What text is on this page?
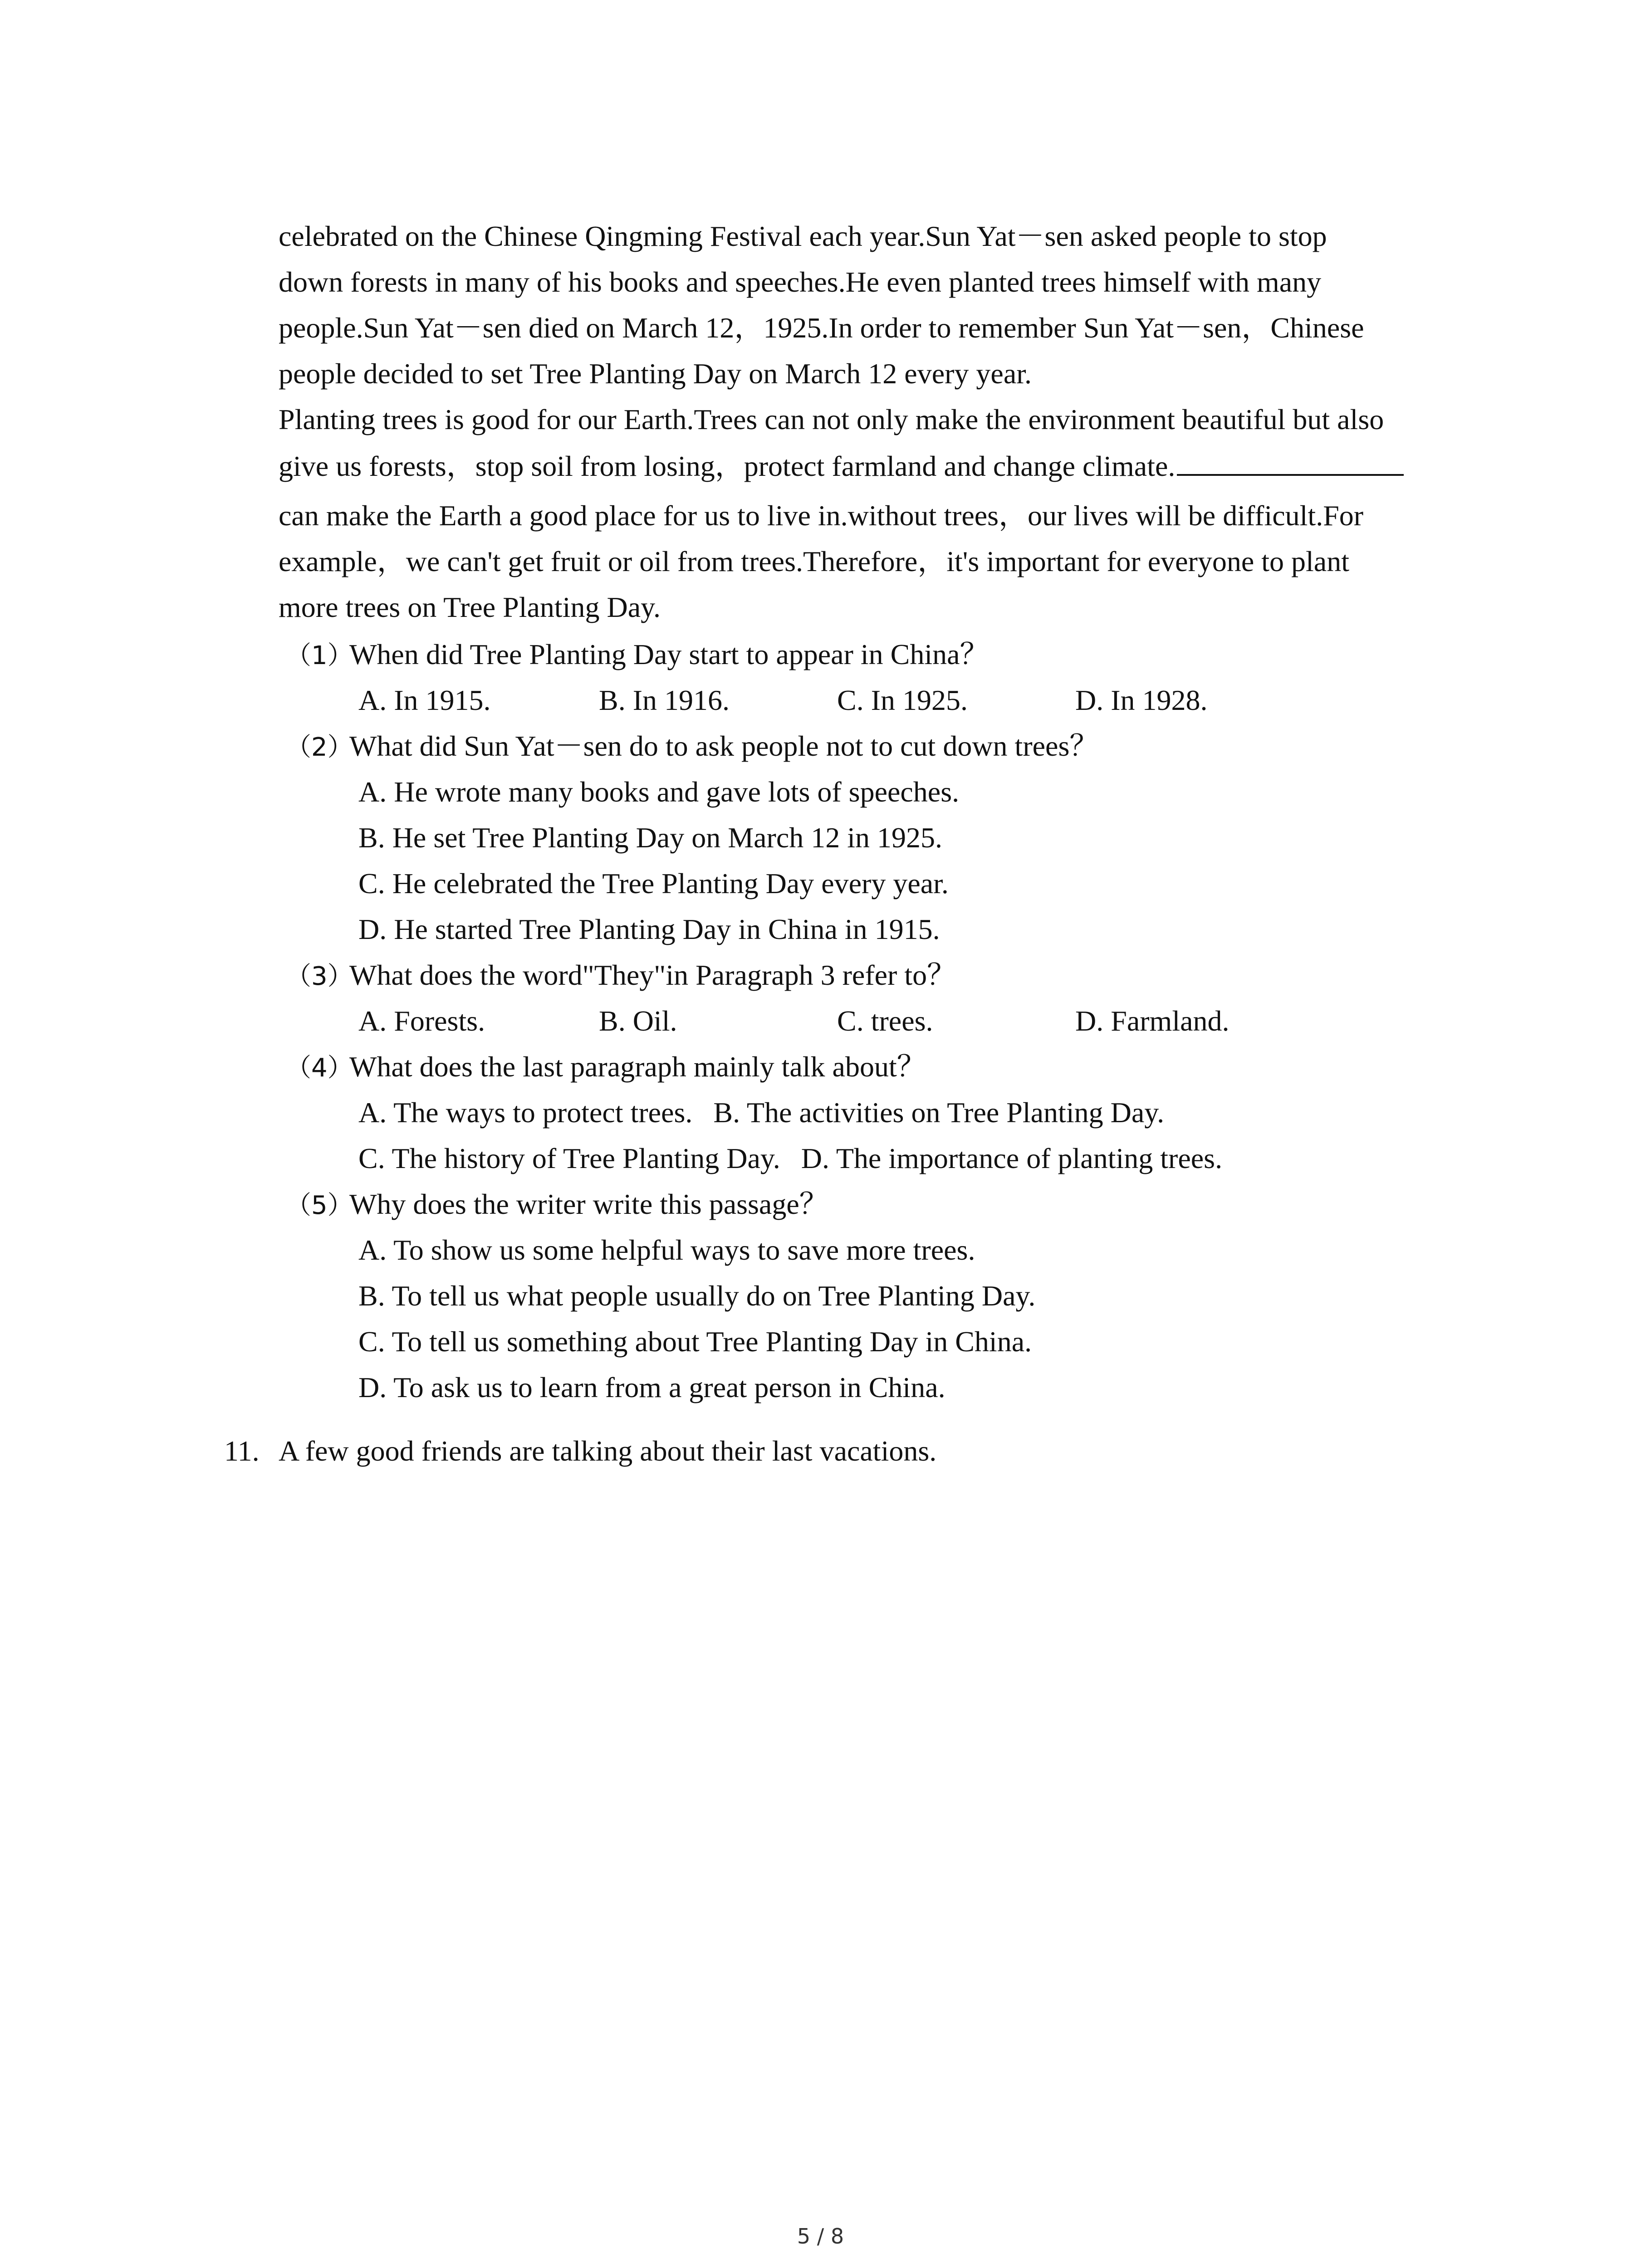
celebrated on the Chinese Qingming Festival each year.Sun Yat－sen asked people to stop
down forests in many of his books and speeches.He even planted trees himself with many
people.Sun Yat－sen died on March 12，1925.In order to remember Sun Yat－sen，Chinese
people decided to set Tree Planting Day on March 12 every year.
Planting trees is good for our Earth.Trees can not only make the environment beautiful but also
give us forests，stop soil from losing，protect farmland and change climate.
can make the Earth a good place for us to live in.without trees，our lives will be difficult.For
example，we can't get fruit or oil from trees.Therefore，it's important for everyone to plant
more trees on Tree Planting Day.
（1）When did Tree Planting Day start to appear in China？
A. In 1915.	B. In 1916.	C. In 1925.	D. In 1928.
（2）What did Sun Yat－sen do to ask people not to cut down trees？
A. He wrote many books and gave lots of speeches.
B. He set Tree Planting Day on March 12 in 1925.
C. He celebrated the Tree Planting Day every year.
D. He started Tree Planting Day in China in 1915.
（3）What does the word"They"in Paragraph 3 refer to？
A. Forests.	B. Oil.	C. trees.	D. Farmland.
（4）What does the last paragraph mainly talk about？
A. The ways to protect trees. B. The activities on Tree Planting Day.
C. The history of Tree Planting Day. D. The importance of planting trees.
（5）Why does the writer write this passage？
A. To show us some helpful ways to save more trees.
B. To tell us what people usually do on Tree Planting Day.
C. To tell us something about Tree Planting Day in China.
D. To ask us to learn from a great person in China.
11. A few good friends are talking about their last vacations.
5 / 8
